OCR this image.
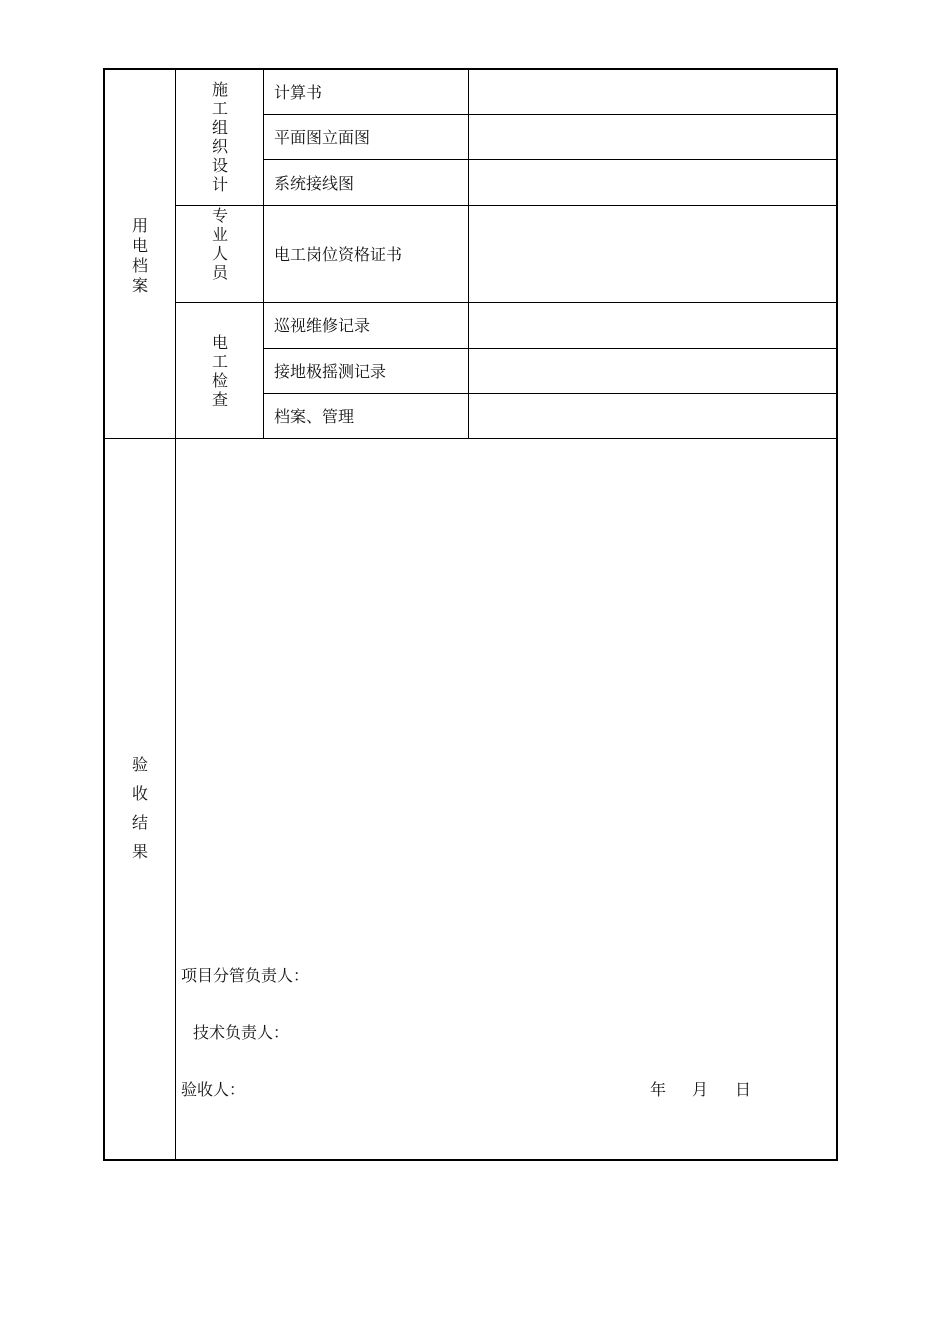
用
电
档
案
施
工
组
织
设
计
专
业
人
员
电
工
检
查
计算书
平面图立面图
系统接线图
电工岗位资格证书
巡视维修记录
接地极摇测记录
档案、管理
验
收
结
果
项目分管负责人：
技术负责人：
验收人：	年 月 日
